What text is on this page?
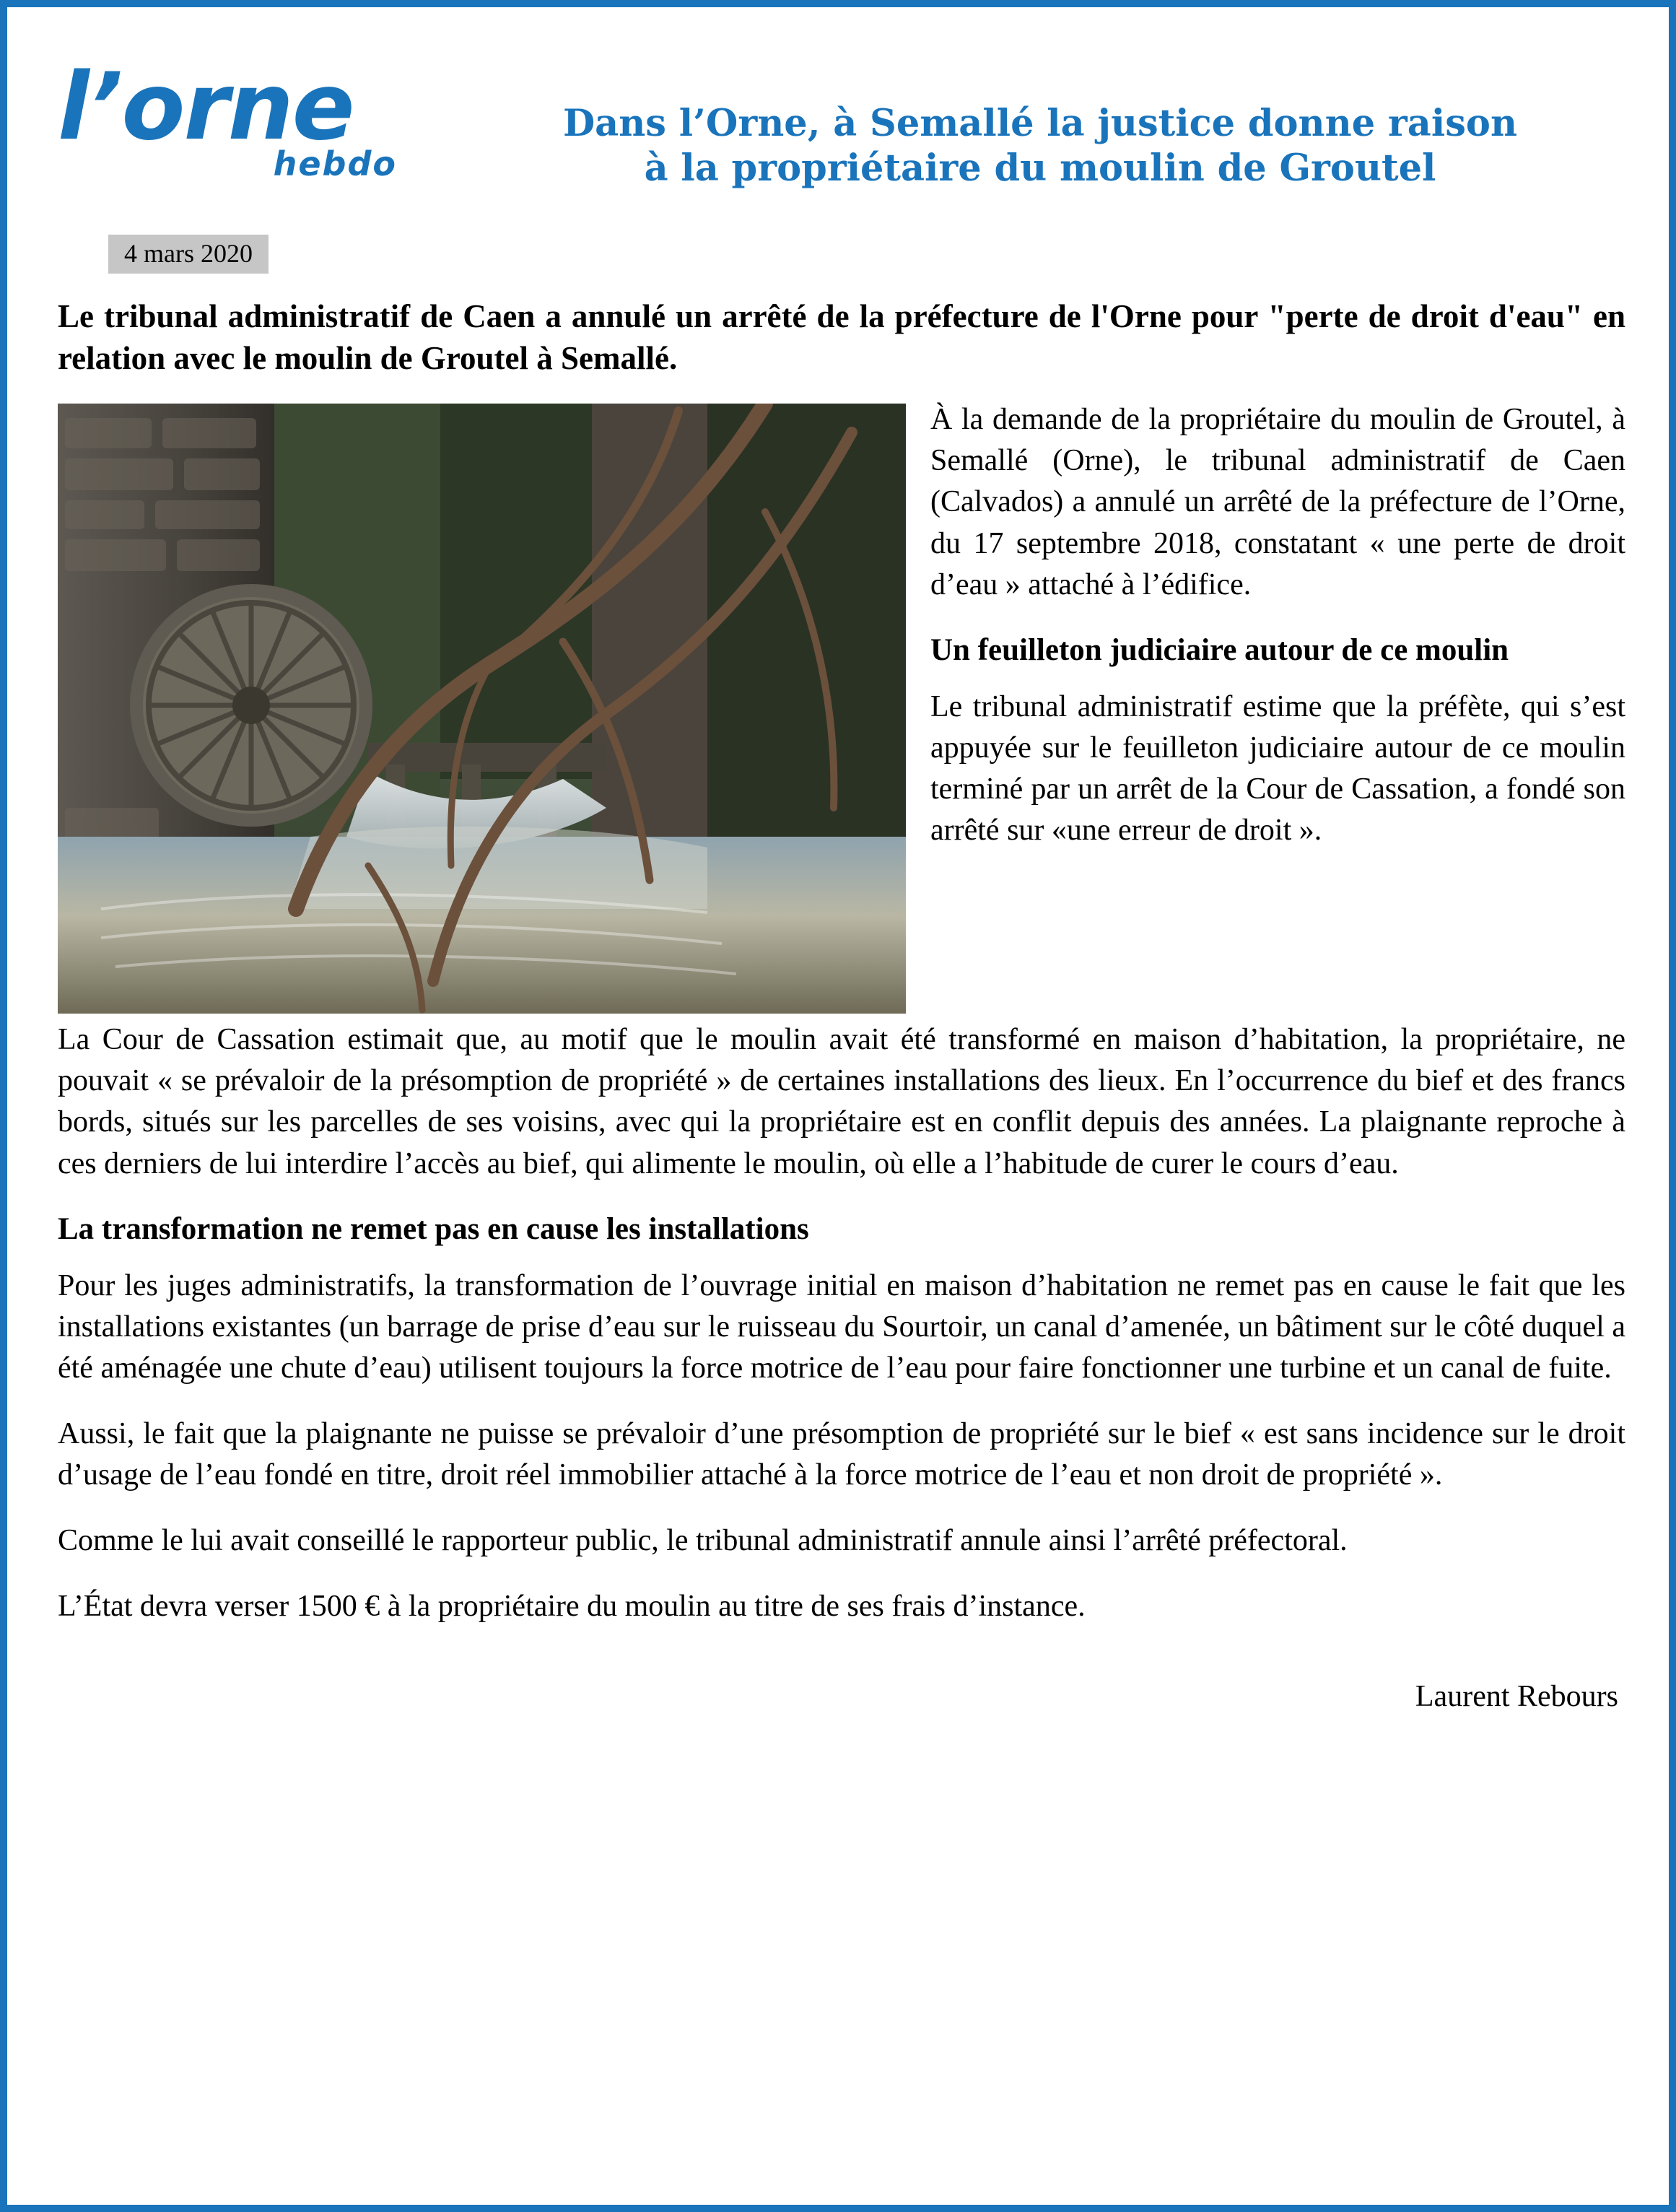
l’orne
hebdo
4 mars 2020
Dans l’Orne, à Semallé la justice donne raison
à la propriétaire du moulin de Groutel

Le tribunal administratif de Caen a annulé un arrêté de la préfecture de l'Orne pour "perte de droit d'eau" en relation avec le moulin de Groutel à Semallé.

À la demande de la propriétaire du moulin de Groutel, à Semallé (Orne), le tribunal administratif de Caen (Calvados) a annulé un arrêté de la préfecture de l’Orne, du 17 septembre 2018, constatant « une perte de droit d’eau » attaché à l’édifice.

Un feuilleton judiciaire autour de ce moulin

Le tribunal administratif estime que la préfète, qui s’est appuyée sur le feuilleton judiciaire autour de ce moulin terminé par un arrêt de la Cour de Cassation, a fondé son arrêté sur «une erreur de droit ».

La Cour de Cassation estimait que, au motif que le moulin avait été transformé en maison d’habitation, la propriétaire, ne pouvait « se prévaloir de la présomption de propriété » de certaines installations des lieux. En l’occurrence du bief et des francs bords, situés sur les parcelles de ses voisins, avec qui la propriétaire est en conflit depuis des années. La plaignante reproche à ces derniers de lui interdire l’accès au bief, qui alimente le moulin, où elle a l’habitude de curer le cours d’eau.

La transformation ne remet pas en cause les installations

Pour les juges administratifs, la transformation de l’ouvrage initial en maison d’habitation ne remet pas en cause le fait que les installations existantes (un barrage de prise d’eau sur le ruisseau du Sourtoir, un canal d’amenée, un bâtiment sur le côté duquel a été aménagée une chute d’eau) utilisent toujours la force motrice de l’eau pour faire fonctionner une turbine et un canal de fuite.

Aussi, le fait que la plaignante ne puisse se prévaloir d’une présomption de propriété sur le bief « est sans incidence sur le droit d’usage de l’eau fondé en titre, droit réel immobilier attaché à la force motrice de l’eau et non droit de propriété ».

Comme le lui avait conseillé le rapporteur public, le tribunal administratif annule ainsi l’arrêté préfectoral.

L’État devra verser 1500 € à la propriétaire du moulin au titre de ses frais d’instance.

Laurent Rebours
